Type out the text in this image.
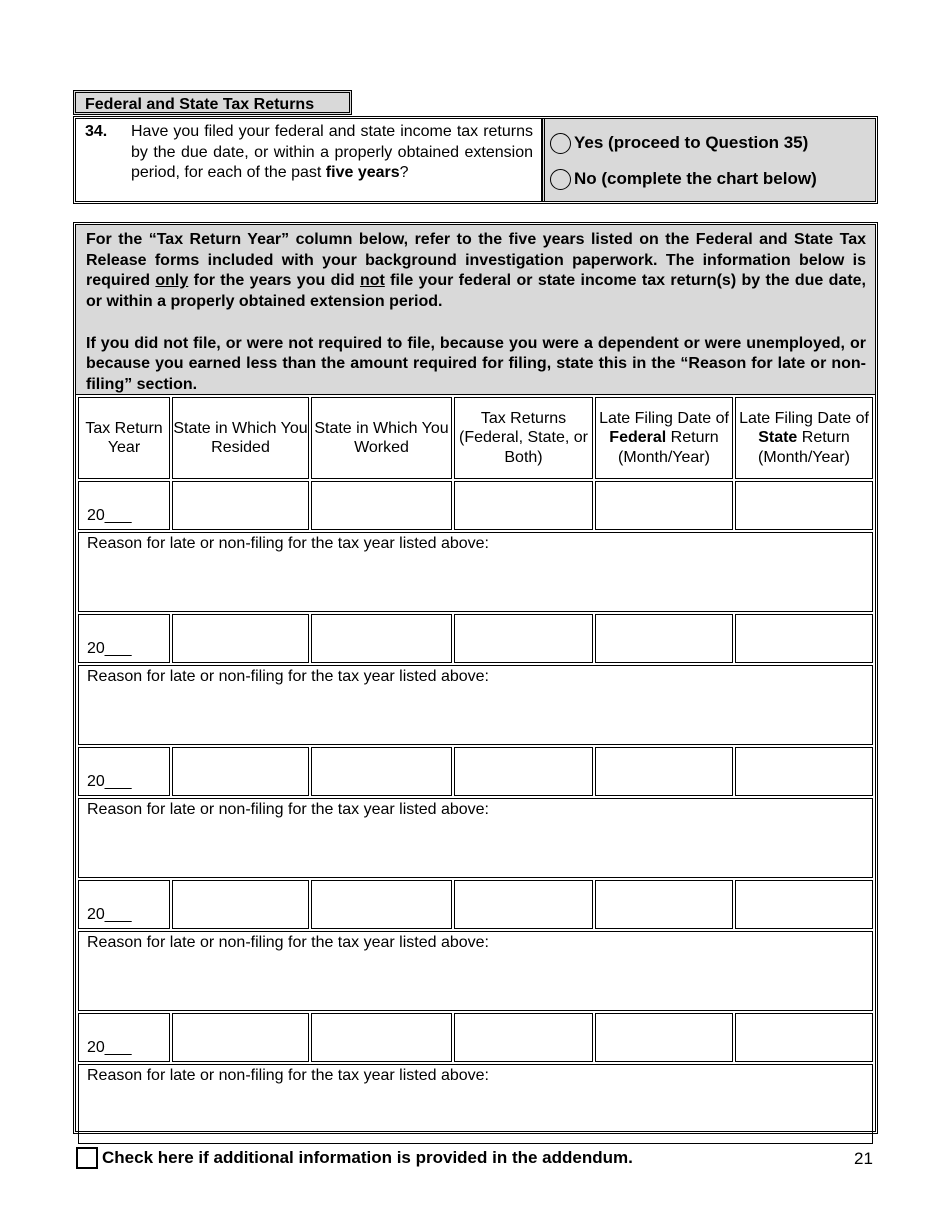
Federal and State Tax Returns
34.	Have you filed your federal and state income tax returns by the due date, or within a properly obtained extension period, for each of the past five years?
Yes (proceed to Question 35)
No (complete the chart below)

For the “Tax Return Year” column below, refer to the five years listed on the Federal and State Tax Release forms included with your background investigation paperwork. The information below is required only for the years you did not file your federal or state income tax return(s) by the due date, or within a properly obtained extension period.

If you did not file, or were not required to file, because you were a dependent or were unemployed, or because you earned less than the amount required for filing, state this in the “Reason for late or non-filing” section.

Tax Return Year	State in Which You Resided	State in Which You Worked	Tax Returns (Federal, State, or Both)	Late Filing Date of Federal Return (Month/Year)	Late Filing Date of State Return (Month/Year)
20___					
Reason for late or non-filing for the tax year listed above:					
20___					
Reason for late or non-filing for the tax year listed above:					
20___					
Reason for late or non-filing for the tax year listed above:					
20___					
Reason for late or non-filing for the tax year listed above:					
20___					
Reason for late or non-filing for the tax year listed above:					
Check here if additional information is provided in the addendum.	21
